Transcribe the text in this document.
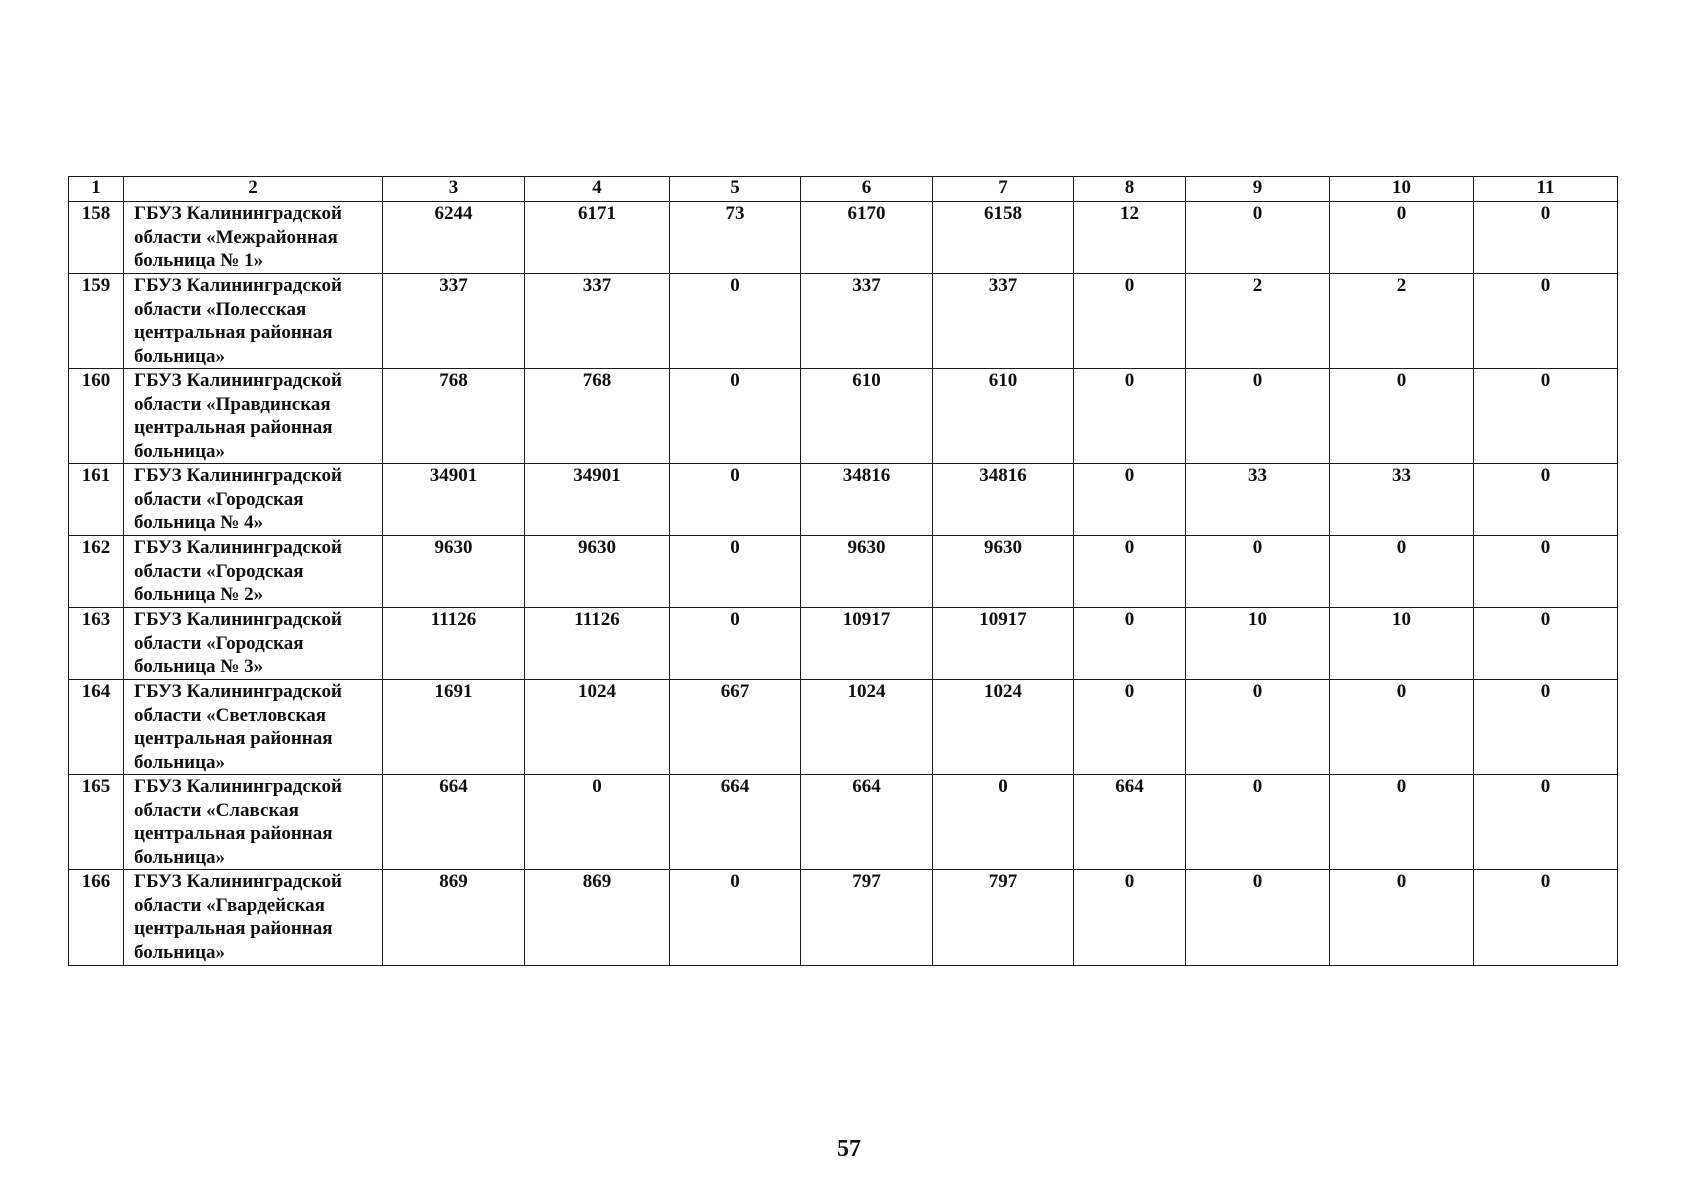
1	2	3	4	5	6	7	8	9	10	11
158	ГБУЗ Калининградской
области «Межрайонная
больница № 1»	6244	6171	73	6170	6158	12	0	0	0
159	ГБУЗ Калининградской
области «Полесская
центральная районная
больница»	337	337	0	337	337	0	2	2	0
160	ГБУЗ Калининградской
области «Правдинская
центральная районная
больница»	768	768	0	610	610	0	0	0	0
161	ГБУЗ Калининградской
области «Городская
больница № 4»	34901	34901	0	34816	34816	0	33	33	0
162	ГБУЗ Калининградской
области «Городская
больница № 2»	9630	9630	0	9630	9630	0	0	0	0
163	ГБУЗ Калининградской
области «Городская
больница № 3»	11126	11126	0	10917	10917	0	10	10	0
164	ГБУЗ Калининградской
области «Светловская
центральная районная
больница»	1691	1024	667	1024	1024	0	0	0	0
165	ГБУЗ Калининградской
области «Славская
центральная районная
больница»	664	0	664	664	0	664	0	0	0
166	ГБУЗ Калининградской
области «Гвардейская
центральная районная
больница»	869	869	0	797	797	0	0	0	0
57
